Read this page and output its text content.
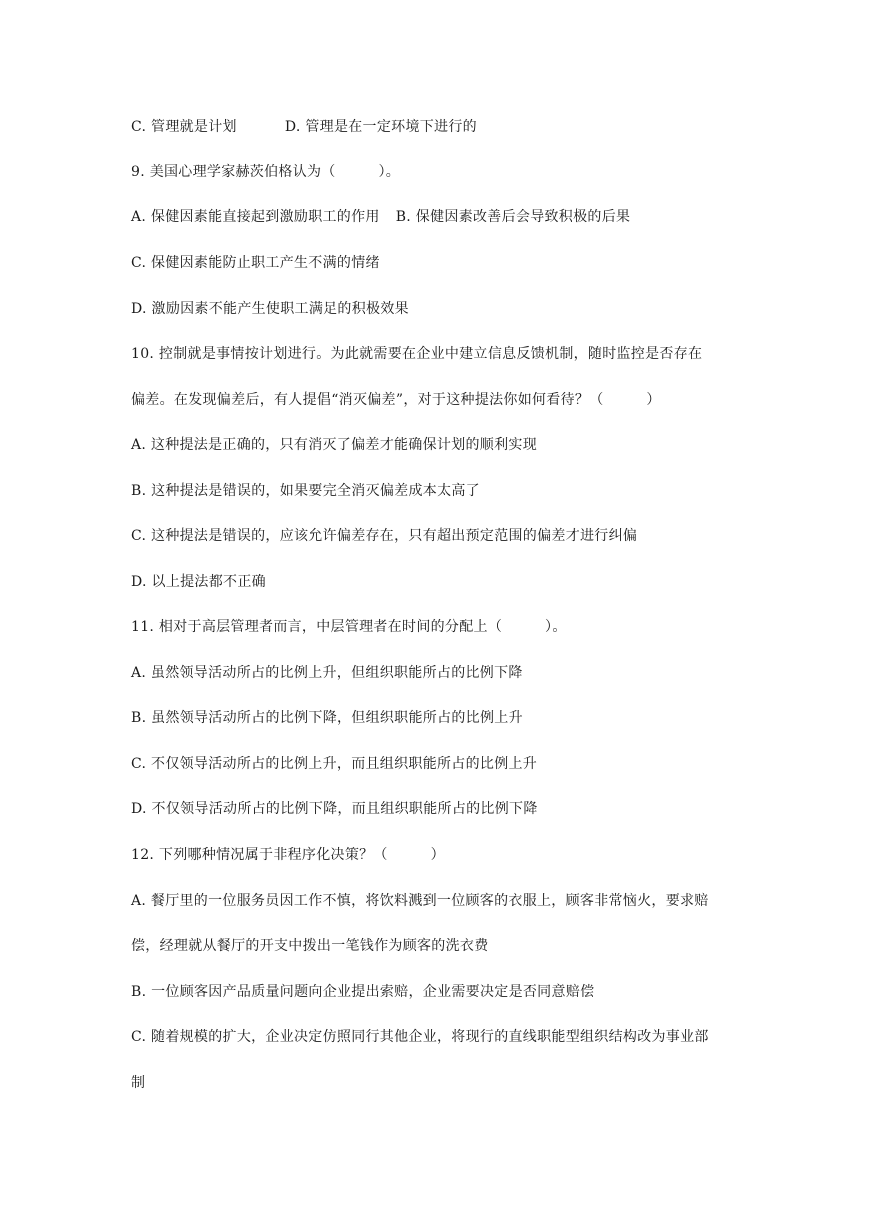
C. 管理就是计划	D. 管理是在一定环境下进行的
9. 美国心理学家赫茨伯格认为（　　　）。
A. 保健因素能直接起到激励职工的作用 B. 保健因素改善后会导致积极的后果
C. 保健因素能防止职工产生不满的情绪
D. 激励因素不能产生使职工满足的积极效果
10. 控制就是事情按计划进行。为此就需要在企业中建立信息反馈机制，随时监控是否存在
偏差。在发现偏差后，有人提倡“消灭偏差”，对于这种提法你如何看待？（　　　）
A. 这种提法是正确的，只有消灭了偏差才能确保计划的顺利实现
B. 这种提法是错误的，如果要完全消灭偏差成本太高了
C. 这种提法是错误的，应该允许偏差存在，只有超出预定范围的偏差才进行纠偏
D. 以上提法都不正确
11. 相对于高层管理者而言，中层管理者在时间的分配上（　　　）。
A. 虽然领导活动所占的比例上升，但组织职能所占的比例下降
B. 虽然领导活动所占的比例下降，但组织职能所占的比例上升
C. 不仅领导活动所占的比例上升，而且组织职能所占的比例上升
D. 不仅领导活动所占的比例下降，而且组织职能所占的比例下降
12. 下列哪种情况属于非程序化决策？（　　　）
A. 餐厅里的一位服务员因工作不慎，将饮料溅到一位顾客的衣服上，顾客非常恼火，要求赔
偿，经理就从餐厅的开支中拨出一笔钱作为顾客的洗衣费
B. 一位顾客因产品质量问题向企业提出索赔，企业需要决定是否同意赔偿
C. 随着规模的扩大，企业决定仿照同行其他企业，将现行的直线职能型组织结构改为事业部
制
